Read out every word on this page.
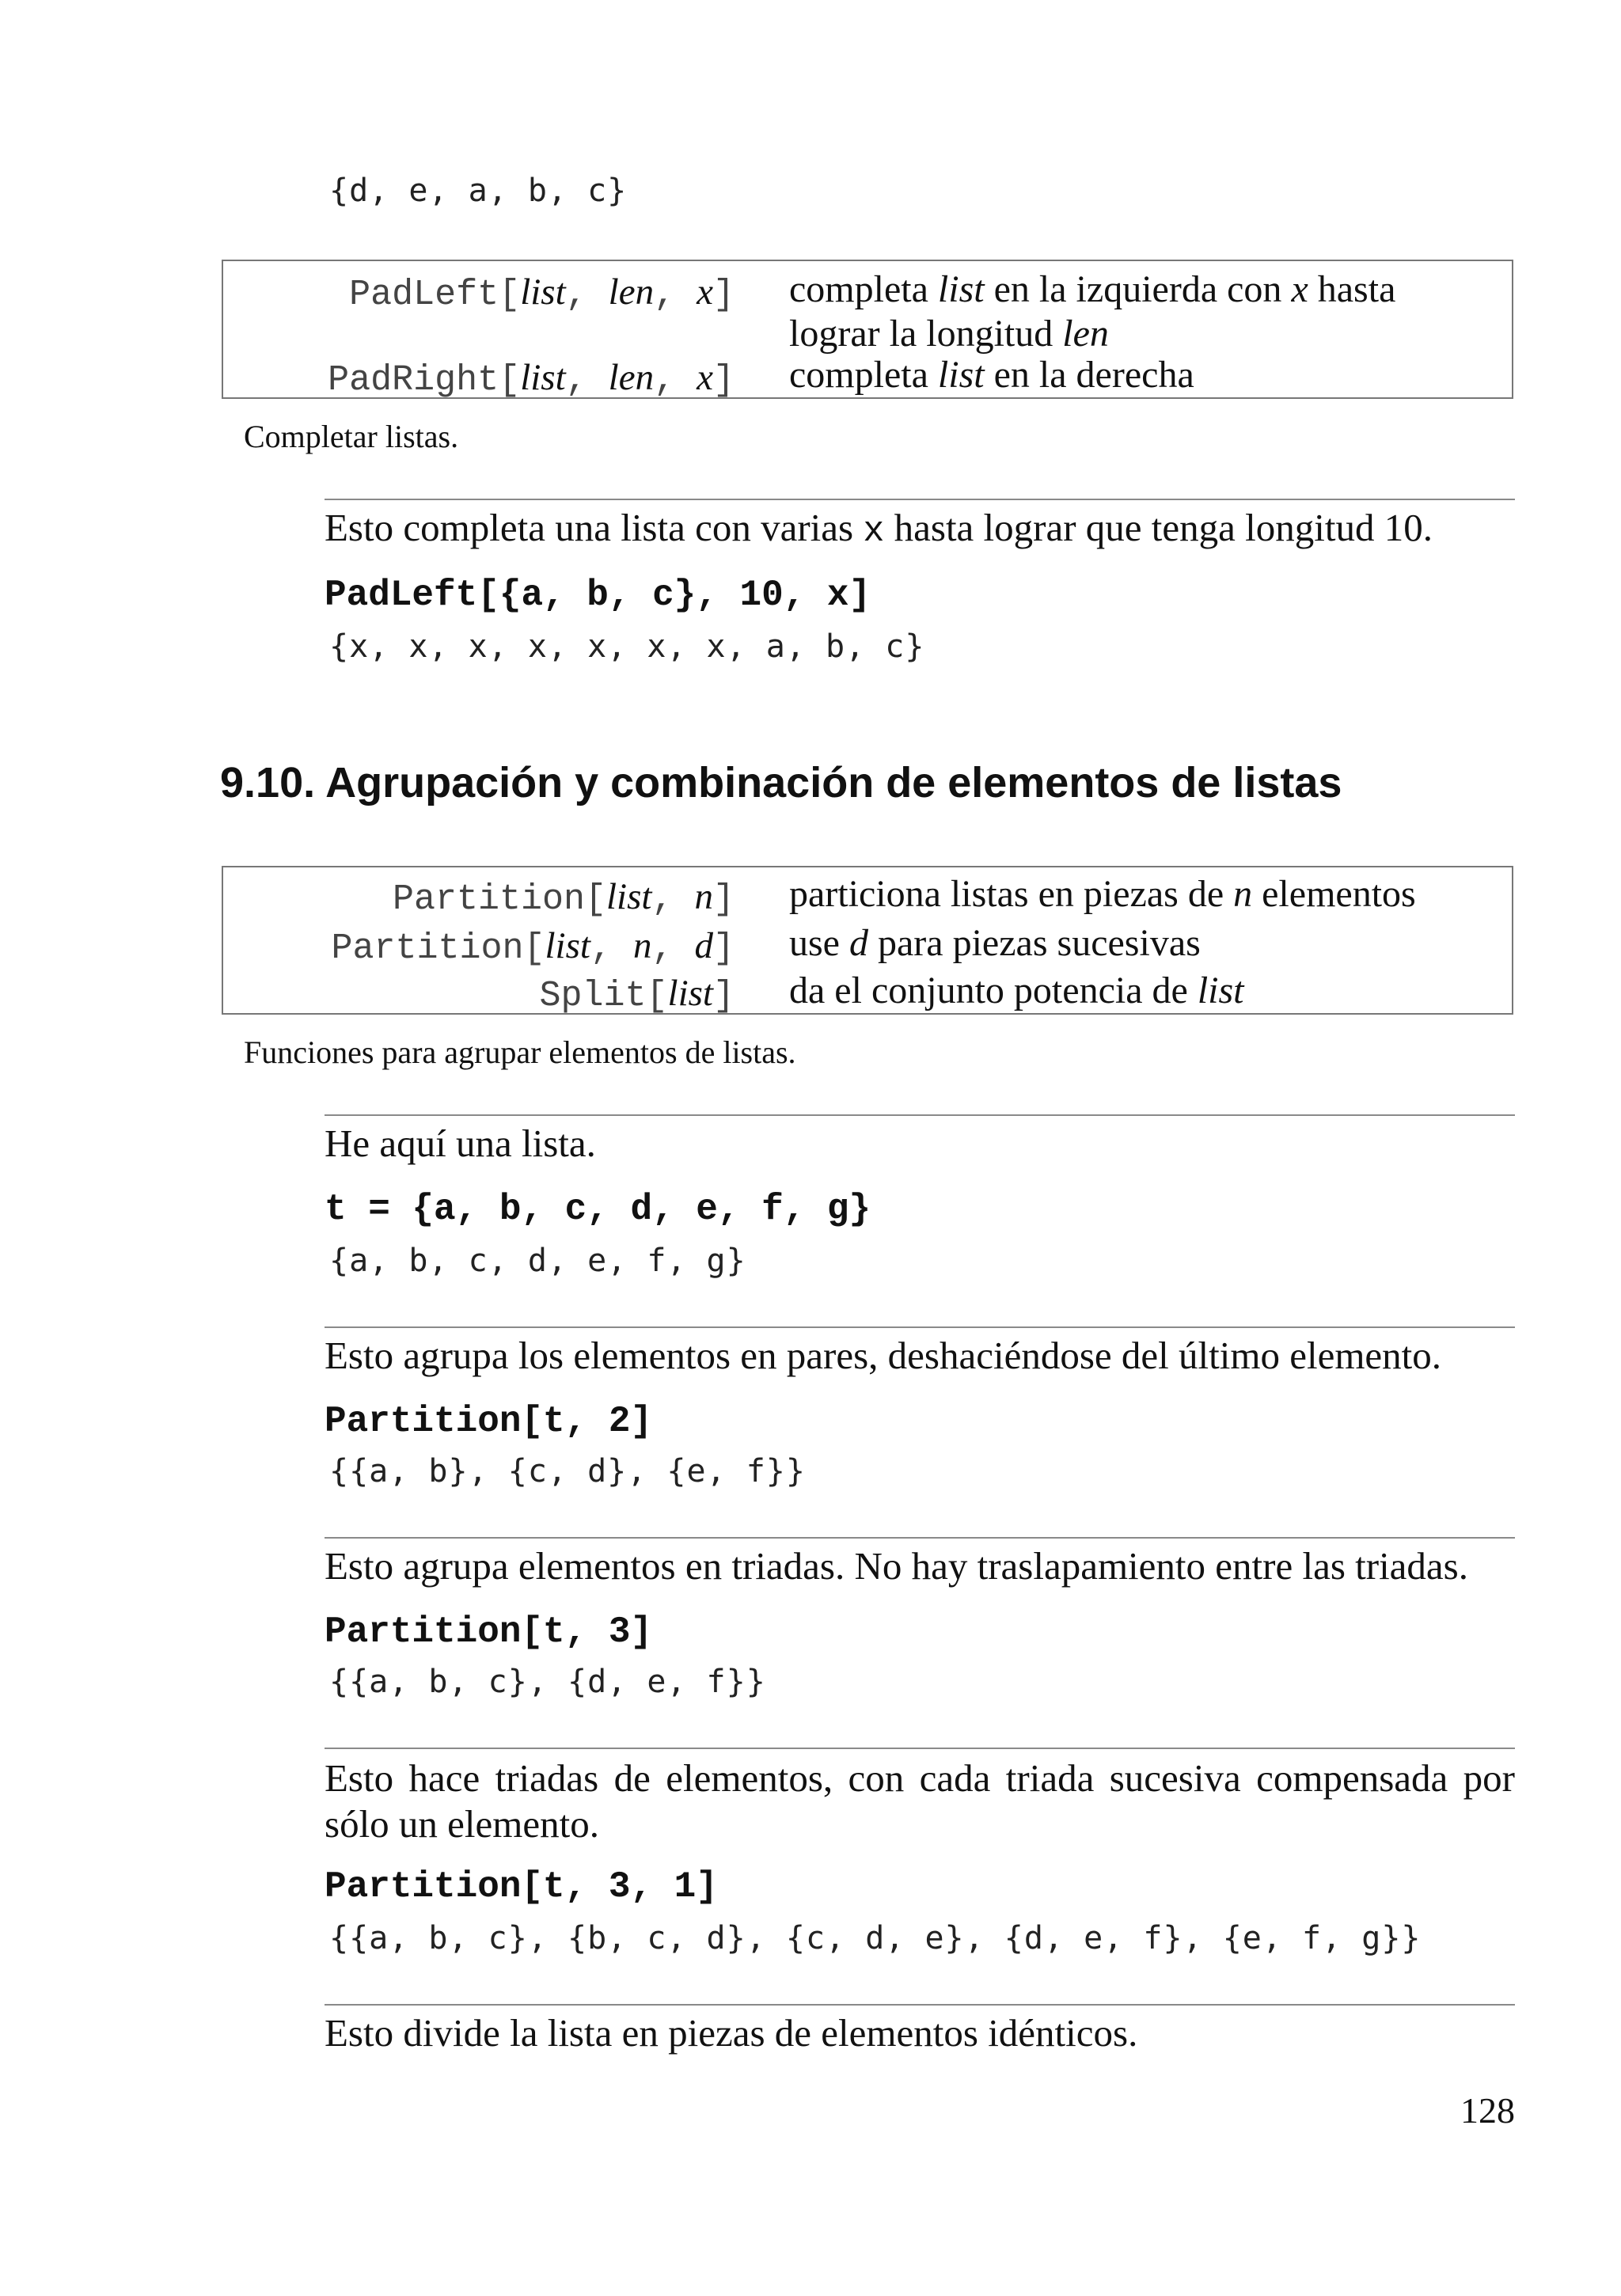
{d, e, a, b, c}
PadLeft[list, len, x] completa list en la izquierda con x hasta
lograr la longitud len
PadRight[list, len, x] completa list en la derecha
Completar listas.
Esto completa una lista con varias x hasta lograr que tenga longitud 10.
PadLeft[{a, b, c}, 10, x]
{x, x, x, x, x, x, x, a, b, c}
9.10. Agrupación y combinación de elementos de listas
Partition[list, n] particiona listas en piezas de n elementos
Partition[list, n, d] use d para piezas sucesivas
Split[list] da el conjunto potencia de list
Funciones para agrupar elementos de listas.
He aquí una lista.
t = {a, b, c, d, e, f, g}
{a, b, c, d, e, f, g}
Esto agrupa los elementos en pares, deshaciéndose del último elemento.
Partition[t, 2]
{{a, b}, {c, d}, {e, f}}
Esto agrupa elementos en triadas. No hay traslapamiento entre las triadas.
Partition[t, 3]
{{a, b, c}, {d, e, f}}
Esto hace triadas de elementos, con cada triada sucesiva compensada por sólo un elemento.
Partition[t, 3, 1]
{{a, b, c}, {b, c, d}, {c, d, e}, {d, e, f}, {e, f, g}}
Esto divide la lista en piezas de elementos idénticos.
128
